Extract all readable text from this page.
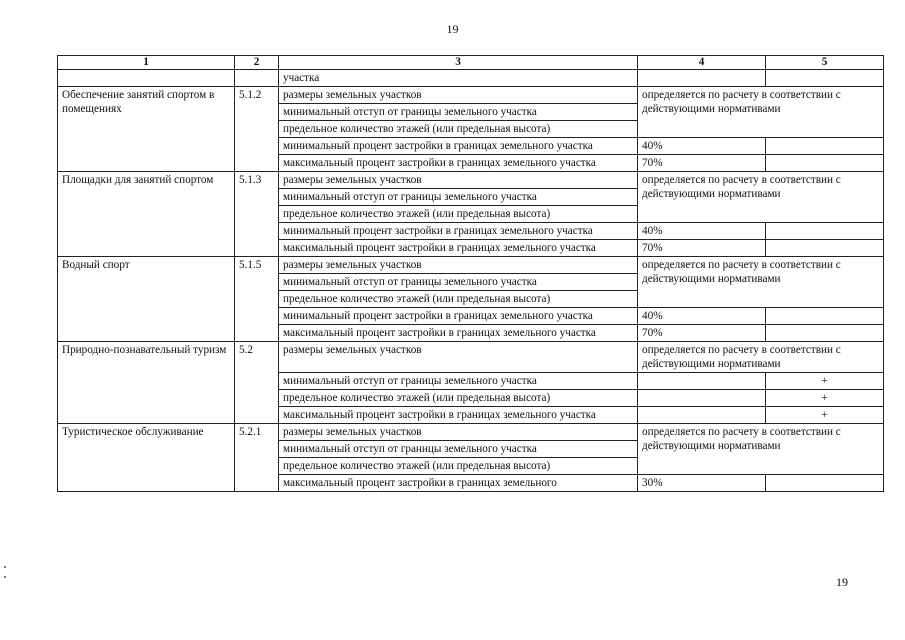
19
1	2	3	4	5
		участка		
Обеспечение занятий спортом в помещениях	5.1.2	размеры земельных участков	определяется по расчету в соответствии с действующими нормативами	
		минимальный отступ от границы земельного участка		
		предельное количество этажей (или предельная высота)		
		минимальный процент застройки в границах земельного участка	40%	
		максимальный процент застройки в границах земельного участка	70%	
Площадки для занятий спортом	5.1.3	размеры земельных участков	определяется по расчету в соответствии с действующими нормативами	
		минимальный отступ от границы земельного участка		
		предельное количество этажей (или предельная высота)		
		минимальный процент застройки в границах земельного участка	40%	
		максимальный процент застройки в границах земельного участка	70%	
Водный спорт	5.1.5	размеры земельных участков	определяется по расчету в соответствии с действующими нормативами	
		минимальный отступ от границы земельного участка		
		предельное количество этажей (или предельная высота)		
		минимальный процент застройки в границах земельного участка	40%	
		максимальный процент застройки в границах земельного участка	70%	
Природно-познавательный туризм	5.2	размеры земельных участков	определяется по расчету в соответствии с действующими нормативами	
		минимальный отступ от границы земельного участка		+
		предельное количество этажей (или предельная высота)		+
		максимальный процент застройки в границах земельного участка		+
Туристическое обслуживание	5.2.1	размеры земельных участков	определяется по расчету в соответствии с действующими нормативами	
		минимальный отступ от границы земельного участка		
		предельное количество этажей (или предельная высота)		
		максимальный процент застройки в границах земельного	30%	
19
